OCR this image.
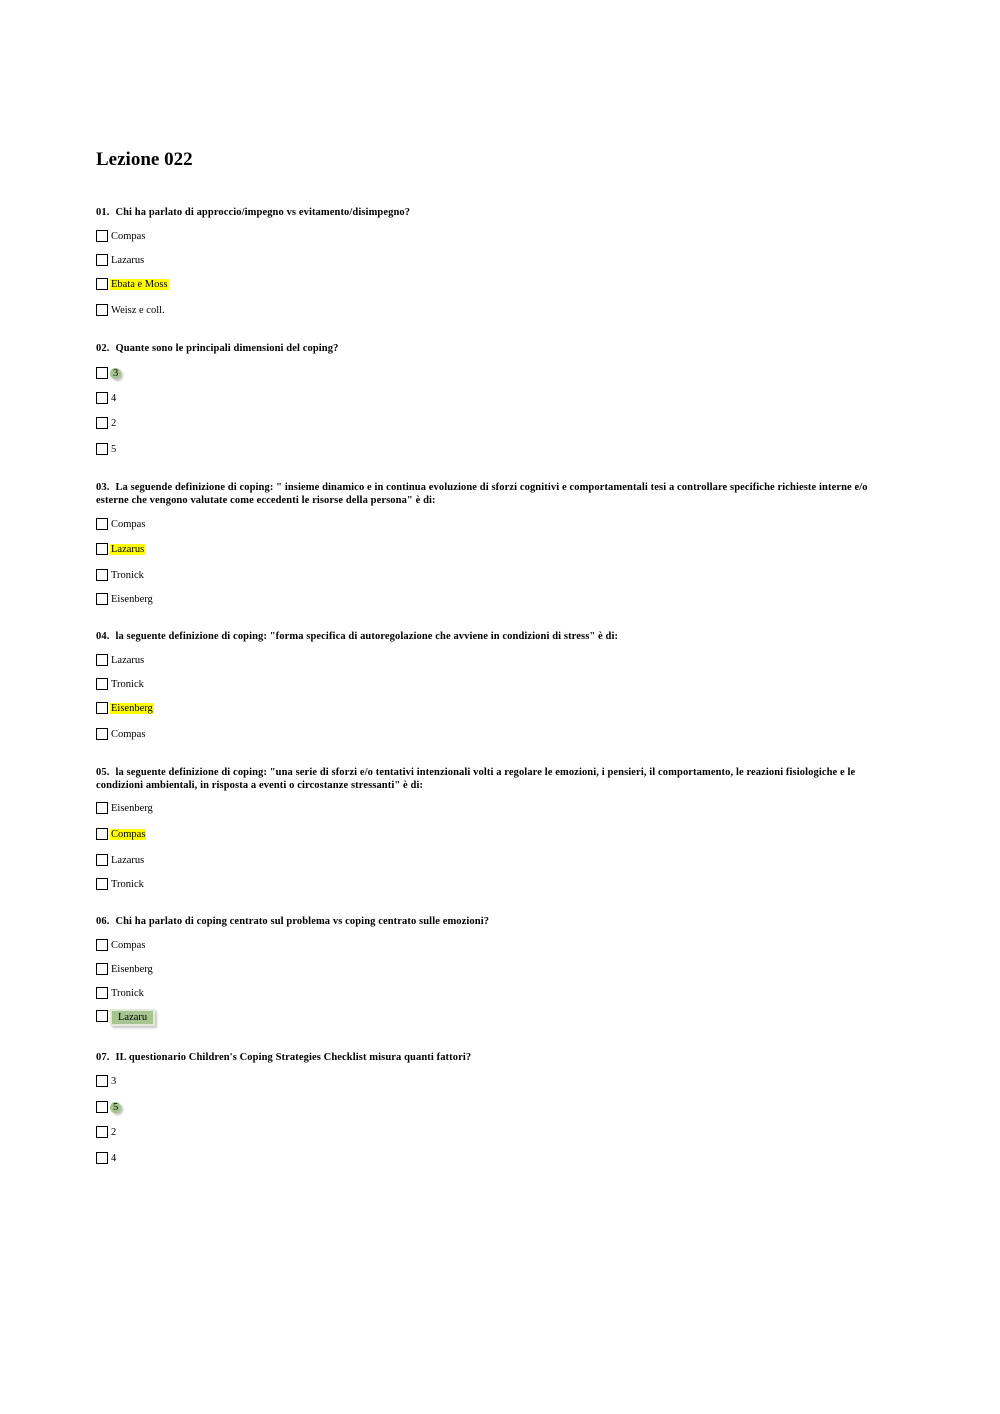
Lezione 022
01. Chi ha parlato di approccio/impegno vs evitamento/disimpegno?
Compas
Lazarus
Ebata e Moss
Weisz e coll.
02. Quante sono le principali dimensioni del coping?
3
4
2
5
03. La seguende definizione di coping: " insieme dinamico e in continua evoluzione di sforzi cognitivi e comportamentali tesi a controllare specifiche richieste interne e/o esterne che vengono valutate come eccedenti le risorse della persona" è di:
Compas
Lazarus
Tronick
Eisenberg
04. la seguente definizione di coping: "forma specifica di autoregolazione che avviene in condizioni di stress" è di:
Lazarus
Tronick
Eisenberg
Compas
05. la seguente definizione di coping: "una serie di sforzi e/o tentativi intenzionali volti a regolare le emozioni, i pensieri, il comportamento, le reazioni fisiologiche e le condizioni ambientali, in risposta a eventi o circostanze stressanti" è di:
Eisenberg
Compas
Lazarus
Tronick
06. Chi ha parlato di coping centrato sul problema vs coping centrato sulle emozioni?
Compas
Eisenberg
Tronick
Lazaru
07. IL questionario Children's Coping Strategies Checklist misura quanti fattori?
3
5
2
4
